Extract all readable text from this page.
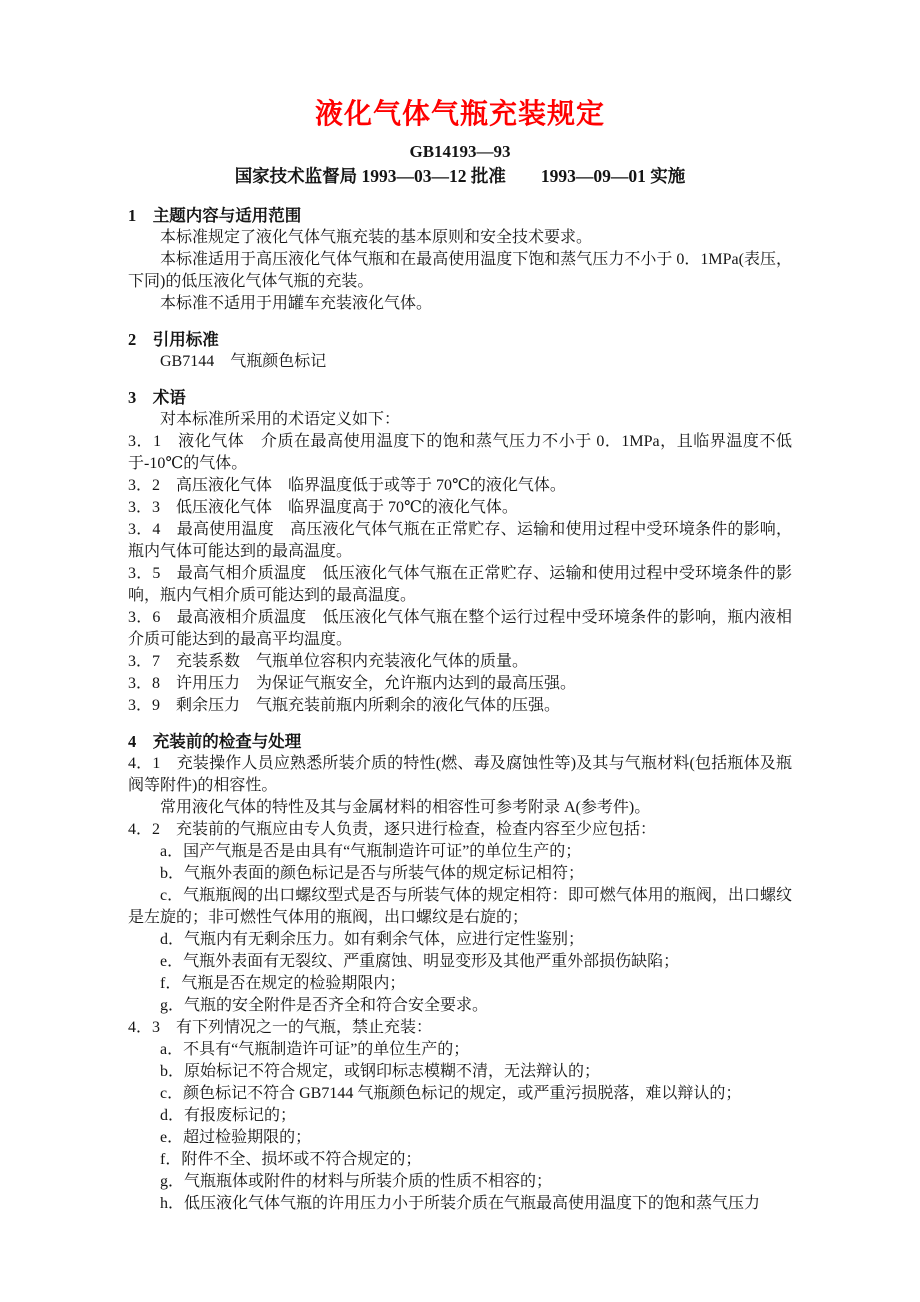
液化气体气瓶充装规定

GB14193—93

国家技术监督局 1993—03—12 批准　　1993—09—01 实施

1　主题内容与适用范围

本标准规定了液化气体气瓶充装的基本原则和安全技术要求。

本标准适用于高压液化气体气瓶和在最高使用温度下饱和蒸气压力不小于 0．1MPa(表压，下同)的低压液化气体气瓶的充装。

本标准不适用于用罐车充装液化气体。

2　引用标准

GB7144　气瓶颜色标记

3　术语

对本标准所采用的术语定义如下：

3．1　液化气体　介质在最高使用温度下的饱和蒸气压力不小于 0．1MPa，且临界温度不低于-10℃的气体。

3．2　高压液化气体　临界温度低于或等于 70℃的液化气体。

3．3　低压液化气体　临界温度高于 70℃的液化气体。

3．4　最高使用温度　高压液化气体气瓶在正常贮存、运输和使用过程中受环境条件的影响，瓶内气体可能达到的最高温度。

3．5　最高气相介质温度　低压液化气体气瓶在正常贮存、运输和使用过程中受环境条件的影响，瓶内气相介质可能达到的最高温度。

3．6　最高液相介质温度　低压液化气体气瓶在整个运行过程中受环境条件的影响，瓶内液相介质可能达到的最高平均温度。

3．7　充装系数　气瓶单位容积内充装液化气体的质量。

3．8　许用压力　为保证气瓶安全，允许瓶内达到的最高压强。

3．9　剩余压力　气瓶充装前瓶内所剩余的液化气体的压强。

4　充装前的检查与处理

4．1　充装操作人员应熟悉所装介质的特性(燃、毒及腐蚀性等)及其与气瓶材料(包括瓶体及瓶阀等附件)的相容性。

常用液化气体的特性及其与金属材料的相容性可参考附录 A(参考件)。

4．2　充装前的气瓶应由专人负责，逐只进行检查，检查内容至少应包括：

a．国产气瓶是否是由具有“气瓶制造许可证”的单位生产的；

b．气瓶外表面的颜色标记是否与所装气体的规定标记相符；

c．气瓶瓶阀的出口螺纹型式是否与所装气体的规定相符：即可燃气体用的瓶阀，出口螺纹是左旋的；非可燃性气体用的瓶阀，出口螺纹是右旋的；

d．气瓶内有无剩余压力。如有剩余气体，应进行定性鉴别；

e．气瓶外表面有无裂纹、严重腐蚀、明显变形及其他严重外部损伤缺陷；

f．气瓶是否在规定的检验期限内；

g．气瓶的安全附件是否齐全和符合安全要求。

4．3　有下列情况之一的气瓶，禁止充装：

a．不具有“气瓶制造许可证”的单位生产的；

b．原始标记不符合规定，或钢印标志模糊不清，无法辩认的；

c．颜色标记不符合 GB7144 气瓶颜色标记的规定，或严重污损脱落，难以辩认的；

d．有报废标记的；

e．超过检验期限的；

f．附件不全、损坏或不符合规定的；

g．气瓶瓶体或附件的材料与所装介质的性质不相容的；

h．低压液化气体气瓶的许用压力小于所装介质在气瓶最高使用温度下的饱和蒸气压力
